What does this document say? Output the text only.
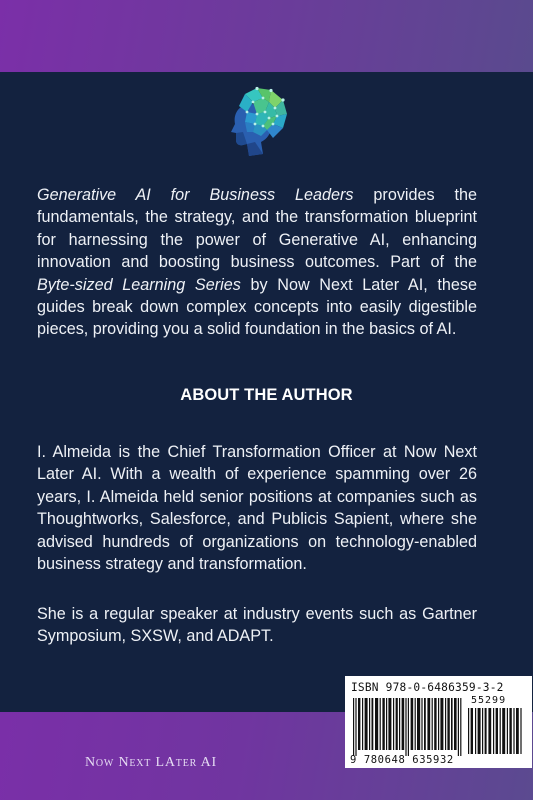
Generative AI for Business Leaders provides the fundamentals, the strategy, and the transformation blueprint for harnessing the power of Generative AI, enhancing innovation and boosting business outcomes. Part of the Byte-sized Learning Series by Now Next Later AI, these guides break down complex concepts into easily digestible pieces, providing you a solid foundation in the basics of AI.

ABOUT THE AUTHOR

I. Almeida is the Chief Transformation Officer at Now Next Later AI. With a wealth of experience spamming over 26 years, I. Almeida held senior positions at companies such as Thoughtworks, Salesforce, and Publicis Sapient, where she advised hundreds of organizations on technology-enabled business strategy and transformation.

She is a regular speaker at industry events such as Gartner Symposium, SXSW, and ADAPT.

Now Next LAter AI
ISBN 978-0-6486359-3-2
55299
9 780648 635932
